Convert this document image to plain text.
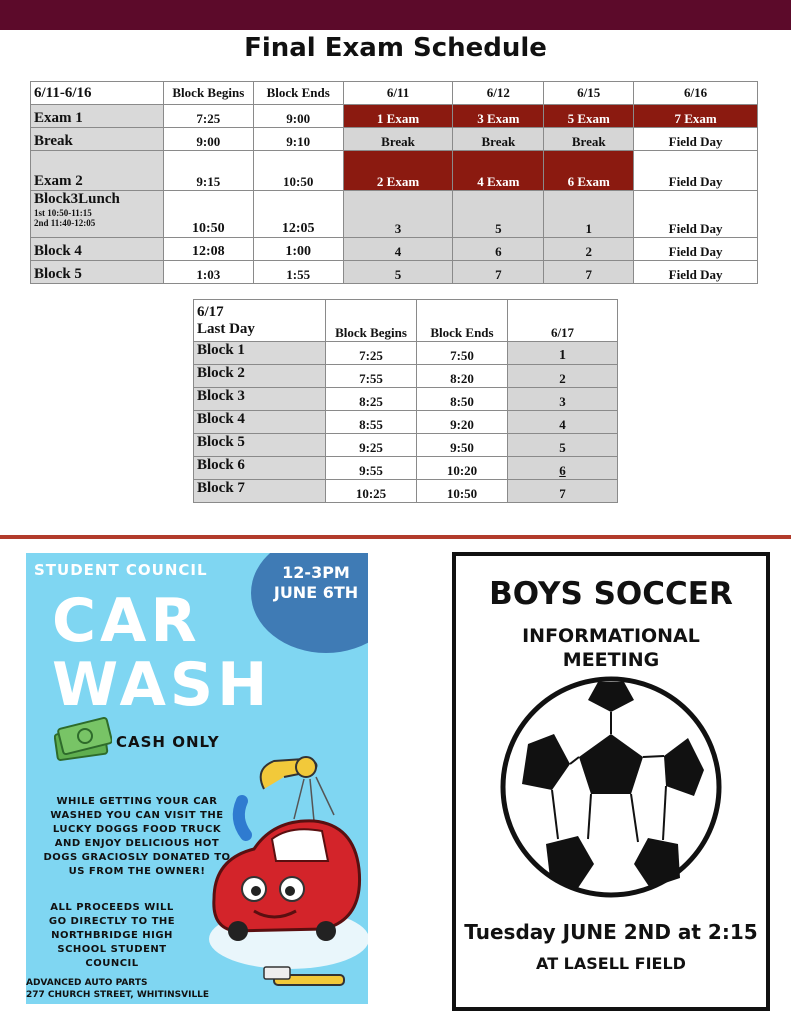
Final Exam Schedule
6/11-6/16	Block Begins	Block Ends	6/11	6/12	6/15	6/16
Exam 1	7:25	9:00	1 Exam	3 Exam	5 Exam	7 Exam
Break	9:00	9:10	Break	Break	Break	Field Day
Exam 2	9:15	10:50	2 Exam	4 Exam	6 Exam	Field Day
Block3Lunch
1st 10:50-11:15
2nd 11:40-12:05	10:50	12:05	3	5	1	Field Day
Block 4	12:08	1:00	4	6	2	Field Day
Block 5	1:03	1:55	5	7	7	Field Day
6/17
Last Day	Block Begins	Block Ends	6/17
Block 1	7:25	7:50	1
Block 2	7:55	8:20	2
Block 3	8:25	8:50	3
Block 4	8:55	9:20	4
Block 5	9:25	9:50	5
Block 6	9:55	10:20	6
Block 7	10:25	10:50	7
STUDENT COUNCIL	12-3PM
JUNE 6TH
CAR
WASH
CASH ONLY
WHILE GETTING YOUR CAR WASHED YOU CAN VISIT THE LUCKY DOGGS FOOD TRUCK AND ENJOY DELICIOUS HOT DOGS GRACIOSLY DONATED TO US FROM THE OWNER!
ALL PROCEEDS WILL GO DIRECTLY TO THE NORTHBRIDGE HIGH SCHOOL STUDENT COUNCIL
ADVANCED AUTO PARTS
277 CHURCH STREET, WHITINSVILLE
BOYS SOCCER
INFORMATIONAL
MEETING
Tuesday JUNE 2ND at 2:15
AT LASELL FIELD
